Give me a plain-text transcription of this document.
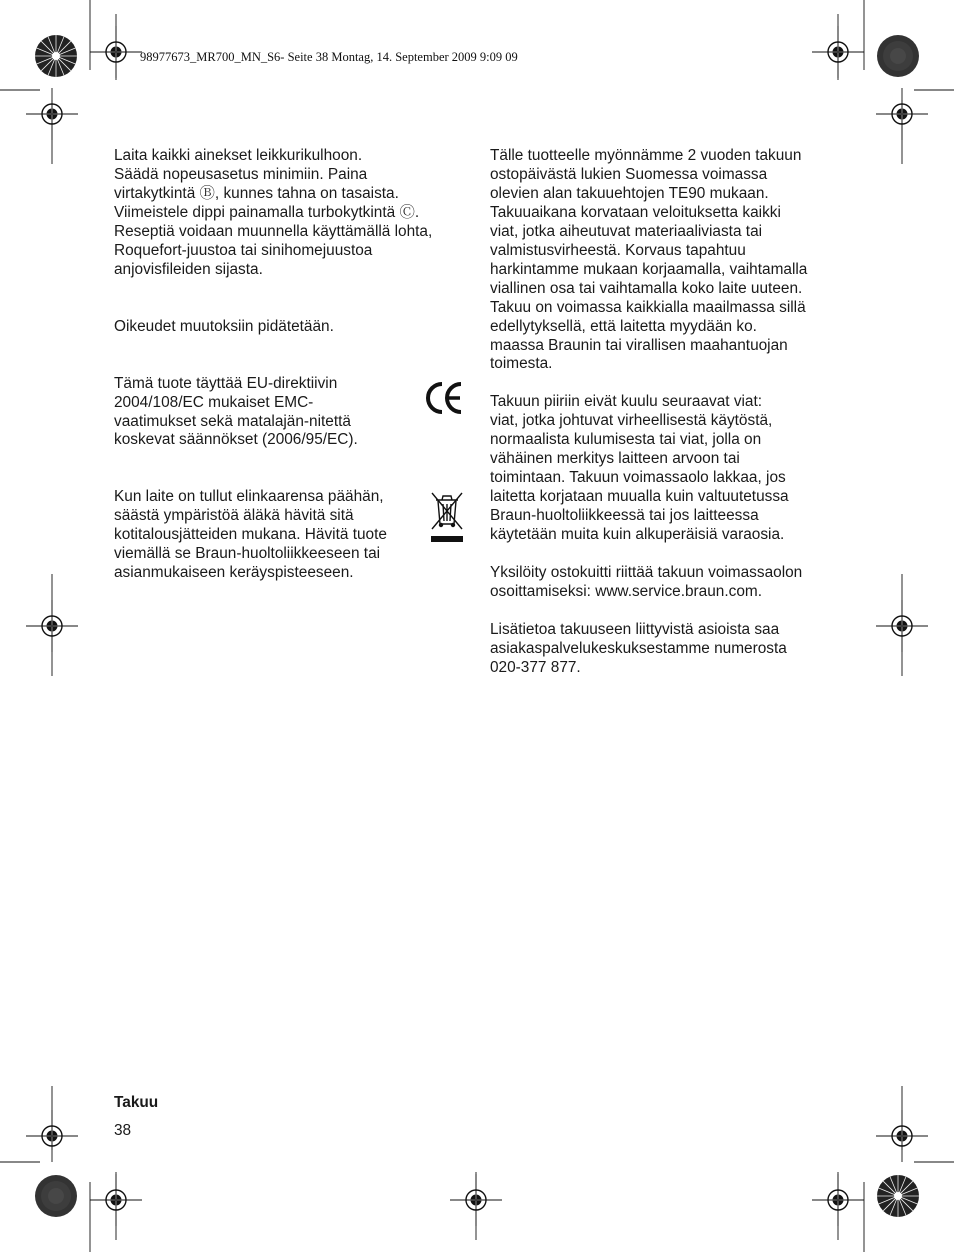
98977673_MR700_MN_S6- Seite 38 Montag, 14. September 2009 9:09 09

Laita kaikki ainekset leikkurikulhoon.
Säädä nopeusasetus minimiin. Paina
virtakytkintä Ⓑ, kunnes tahna on tasaista.
Viimeistele dippi painamalla turbokytkintä Ⓒ.
Reseptiä voidaan muunnella käyttämällä lohta,
Roquefort-juustoa tai sinihomejuustoa
anjovisfileiden sijasta.

Oikeudet muutoksiin pidätetään.

Tämä tuote täyttää EU-direktiivin
2004/108/EC mukaiset EMC-
vaatimukset sekä matalajän-nitettä
koskevat säännökset (2006/95/EC).

Kun laite on tullut elinkaarensa päähän,
säästä ympäristöä äläkä hävitä sitä
kotitalousjätteiden mukana. Hävitä tuote
viemällä se Braun-huoltoliikkeeseen tai
asianmukaiseen keräyspisteeseen.

Tälle tuotteelle myönnämme 2 vuoden takuun
ostopäivästä lukien Suomessa voimassa
olevien alan takuuehtojen TE90 mukaan.
Takuuaikana korvataan veloituksetta kaikki
viat, jotka aiheutuvat materiaaliviasta tai
valmistusvirheestä. Korvaus tapahtuu
harkintamme mukaan korjaamalla, vaihtamalla
viallinen osa tai vaihtamalla koko laite uuteen.
Takuu on voimassa kaikkialla maailmassa sillä
edellytyksellä, että laitetta myydään ko.
maassa Braunin tai virallisen maahantuojan
toimesta.

Takuun piiriin eivät kuulu seuraavat viat:
viat, jotka johtuvat virheellisestä käytöstä,
normaalista kulumisesta tai viat, jolla on
vähäinen merkitys laitteen arvoon tai
toimintaan. Takuun voimassaolo lakkaa, jos
laitetta korjataan muualla kuin valtuutetussa
Braun-huoltoliikkeessä tai jos laitteessa
käytetään muita kuin alkuperäisiä varaosia.

Yksilöity ostokuitti riittää takuun voimassaolon
osoittamiseksi: www.service.braun.com.

Lisätietoa takuuseen liittyvistä asioista saa
asiakaspalvelukeskuksestamme numerosta
020-377 877.

Takuu
38
